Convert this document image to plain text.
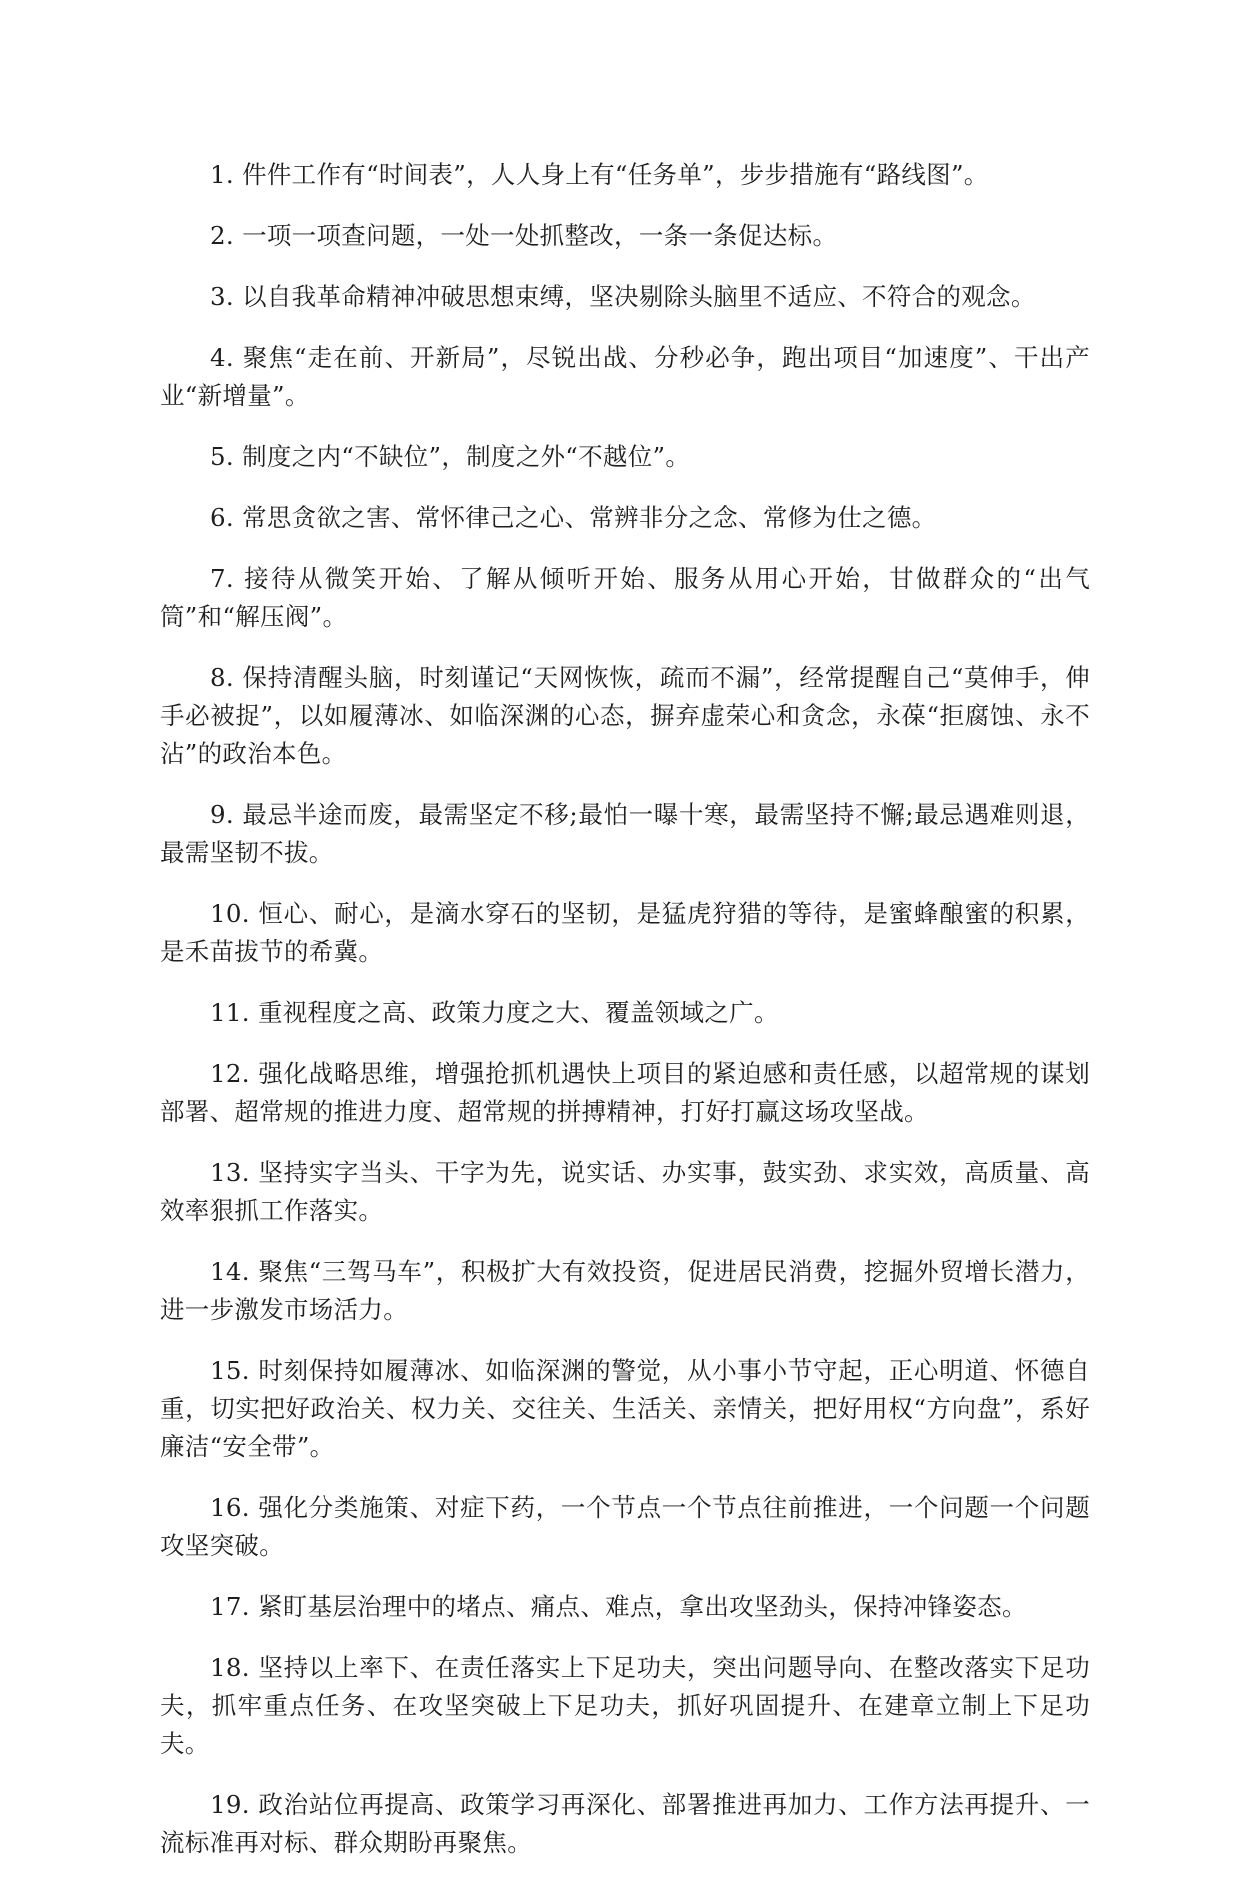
1. 件件工作有“时间表”，人人身上有“任务单”，步步措施有“路线图”。

2. 一项一项查问题，一处一处抓整改，一条一条促达标。

3. 以自我革命精神冲破思想束缚，坚决剔除头脑里不适应、不符合的观念。

4. 聚焦“走在前、开新局”，尽锐出战、分秒必争，跑出项目“加速度”、干出产业“新增量”。

5. 制度之内“不缺位”，制度之外“不越位”。

6. 常思贪欲之害、常怀律己之心、常辨非分之念、常修为仕之德。

7. 接待从微笑开始、了解从倾听开始、服务从用心开始，甘做群众的“出气筒”和“解压阀”。

8. 保持清醒头脑，时刻谨记“天网恢恢，疏而不漏”，经常提醒自己“莫伸手，伸手必被捉”，以如履薄冰、如临深渊的心态，摒弃虚荣心和贪念，永葆“拒腐蚀、永不沾”的政治本色。

9. 最忌半途而废，最需坚定不移;最怕一曝十寒，最需坚持不懈;最忌遇难则退，最需坚韧不拔。

10. 恒心、耐心，是滴水穿石的坚韧，是猛虎狩猎的等待，是蜜蜂酿蜜的积累，是禾苗拔节的希冀。

11. 重视程度之高、政策力度之大、覆盖领域之广。

12. 强化战略思维，增强抢抓机遇快上项目的紧迫感和责任感，以超常规的谋划部署、超常规的推进力度、超常规的拼搏精神，打好打赢这场攻坚战。

13. 坚持实字当头、干字为先，说实话、办实事，鼓实劲、求实效，高质量、高效率狠抓工作落实。

14. 聚焦“三驾马车”，积极扩大有效投资，促进居民消费，挖掘外贸增长潜力，进一步激发市场活力。

15. 时刻保持如履薄冰、如临深渊的警觉，从小事小节守起，正心明道、怀德自重，切实把好政治关、权力关、交往关、生活关、亲情关，把好用权“方向盘”，系好廉洁“安全带”。

16. 强化分类施策、对症下药，一个节点一个节点往前推进，一个问题一个问题攻坚突破。

17. 紧盯基层治理中的堵点、痛点、难点，拿出攻坚劲头，保持冲锋姿态。

18. 坚持以上率下、在责任落实上下足功夫，突出问题导向、在整改落实下足功夫，抓牢重点任务、在攻坚突破上下足功夫，抓好巩固提升、在建章立制上下足功夫。

19. 政治站位再提高、政策学习再深化、部署推进再加力、工作方法再提升、一流标准再对标、群众期盼再聚焦。
